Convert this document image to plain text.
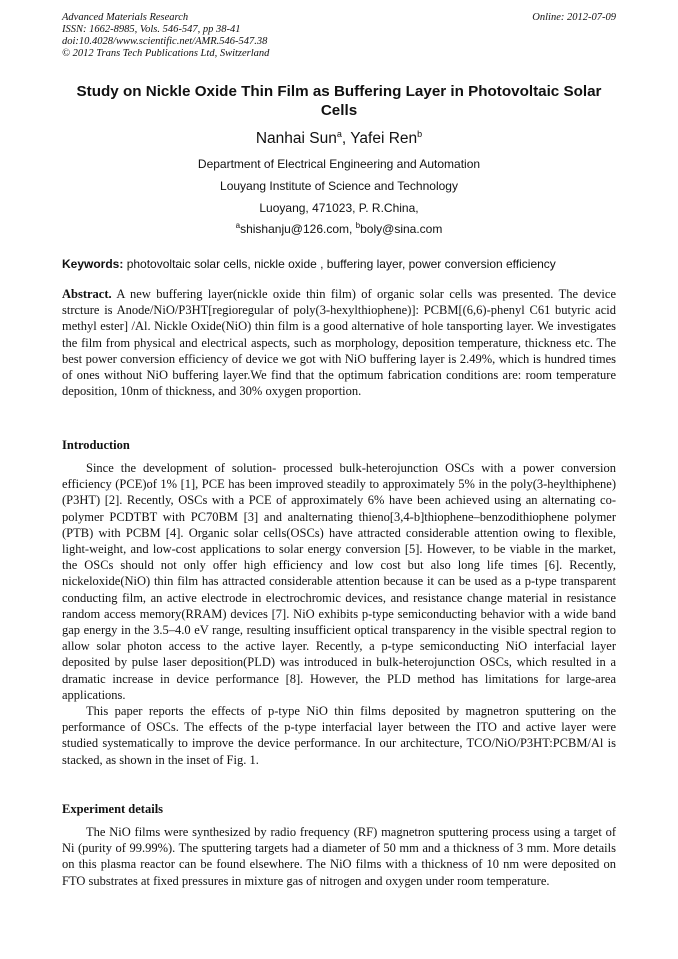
Advanced Materials Research
ISSN: 1662-8985, Vols. 546-547, pp 38-41
doi:10.4028/www.scientific.net/AMR.546-547.38
© 2012 Trans Tech Publications Ltd, Switzerland
Online: 2012-07-09
Study on Nickle Oxide Thin Film as Buffering Layer in Photovoltaic Solar Cells
Nanhai Sun$^a$, Yafei Ren$^b$
Department of Electrical Engineering and Automation
Louyang Institute of Science and Technology
Luoyang, 471023, P. R.China,
$^a$shishanju@126.com, $^b$boly@sina.com
Keywords: photovoltaic solar cells, nickle oxide , buffering layer, power conversion efficiency

Abstract. A new buffering layer(nickle oxide thin film) of organic solar cells was presented. The device strcture is Anode/NiO/P3HT[regioregular of poly(3-hexylthiophene)]: PCBM[(6,6)-phenyl C61 butyric acid methyl ester] /Al. Nickle Oxide(NiO) thin film is a good alternative of hole tansporting layer. We investigates the film from physical and electrical aspects, such as morphology, deposition temperature, thickness etc. The best power conversion efficiency of device we got with NiO buffering layer is 2.49%, which is hundred times of ones without NiO buffering layer.We find that the optimum fabrication conditions are: room temperature deposition, 10nm of thickness, and 30% oxygen proportion.

Introduction

Since the development of solution- processed bulk-heterojunction OSCs with a power conversion efficiency (PCE)of 1% [1], PCE has been improved steadily to approximately 5% in the poly(3-heylthiphene)(P3HT) [2]. Recently, OSCs with a PCE of approximately 6% have been achieved using an alternating co-polymer PCDTBT with PC70BM [3] and analternating thieno[3,4-b]thiophene–benzodithiophene polymer (PTB) with PCBM [4]. Organic solar cells(OSCs) have attracted considerable attention owing to flexible, light-weight, and low-cost applications to solar energy conversion [5]. However, to be viable in the market, the OSCs should not only offer high efficiency and low cost but also long life times [6]. Recently, nickeloxide(NiO) thin film has attracted considerable attention because it can be used as a p-type transparent conducting film, an active electrode in electrochromic devices, and resistance change material in resistance random access memory(RRAM) devices [7]. NiO exhibits p-type semiconducting behavior with a wide band gap energy in the 3.5–4.0 eV range, resulting insufficient optical transparency in the visible spectral region to allow solar photon access to the active layer. Recently, a p-type semiconducting NiO interfacial layer deposited by pulse laser deposition(PLD) was introduced in bulk-heterojunction OSCs, which resulted in a dramatic increase in device performance [8]. However, the PLD method has limitations for large-area applications.

This paper reports the effects of p-type NiO thin films deposited by magnetron sputtering on the performance of OSCs. The effects of the p-type interfacial layer between the ITO and active layer were studied systematically to improve the device performance. In our architecture, TCO/NiO/P3HT:PCBM/Al is stacked, as shown in the inset of Fig. 1.

Experiment details

The NiO films were synthesized by radio frequency (RF) magnetron sputtering process using a target of Ni (purity of 99.99%). The sputtering targets had a diameter of 50 mm and a thickness of 3 mm. More details on this plasma reactor can be found elsewhere. The NiO films with a thickness of 10 nm were deposited on FTO substrates at fixed pressures in mixture gas of nitrogen and oxygen under room temperature.
